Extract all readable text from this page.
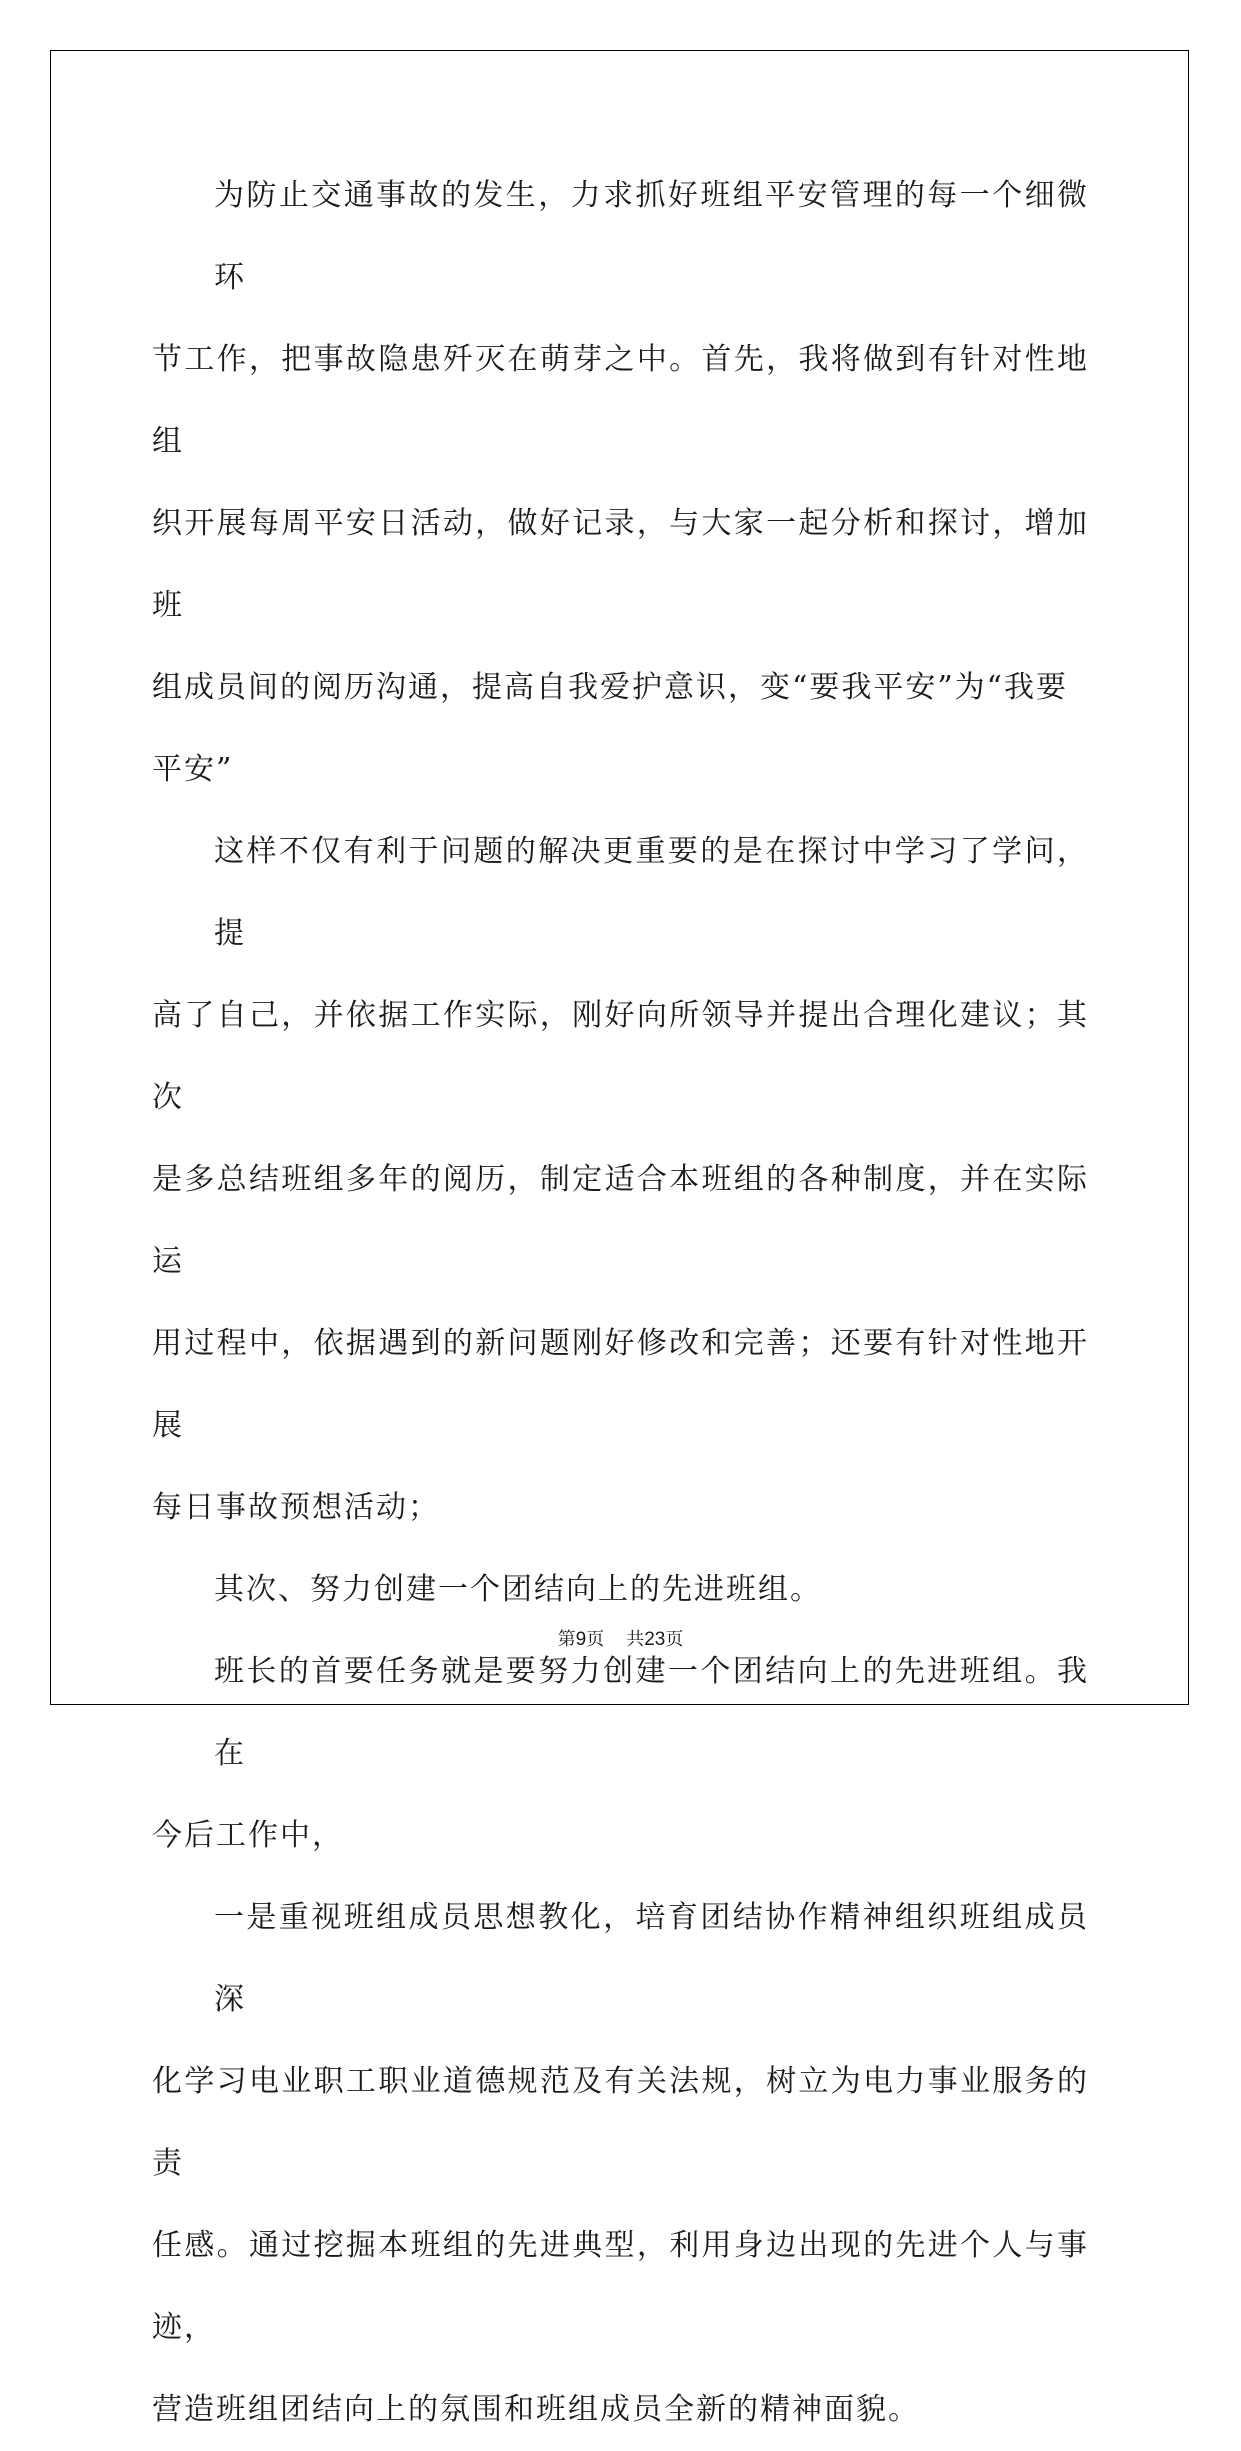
为防止交通事故的发生，力求抓好班组平安管理的每一个细微环
节工作，把事故隐患歼灭在萌芽之中。首先，我将做到有针对性地组
织开展每周平安日活动，做好记录，与大家一起分析和探讨，增加班
组成员间的阅历沟通，提高自我爱护意识，变“要我平安”为“我要
平安”

这样不仅有利于问题的解决更重要的是在探讨中学习了学问，提
高了自己，并依据工作实际，刚好向所领导并提出合理化建议；其次
是多总结班组多年的阅历，制定适合本班组的各种制度，并在实际运
用过程中，依据遇到的新问题刚好修改和完善；还要有针对性地开展
每日事故预想活动；

其次、努力创建一个团结向上的先进班组。

班长的首要任务就是要努力创建一个团结向上的先进班组。我在
今后工作中，

一是重视班组成员思想教化，培育团结协作精神组织班组成员深
化学习电业职工职业道德规范及有关法规，树立为电力事业服务的责
任感。通过挖掘本班组的先进典型，利用身边出现的先进个人与事迹，
营造班组团结向上的氛围和班组成员全新的精神面貌。

第9页 共23页
